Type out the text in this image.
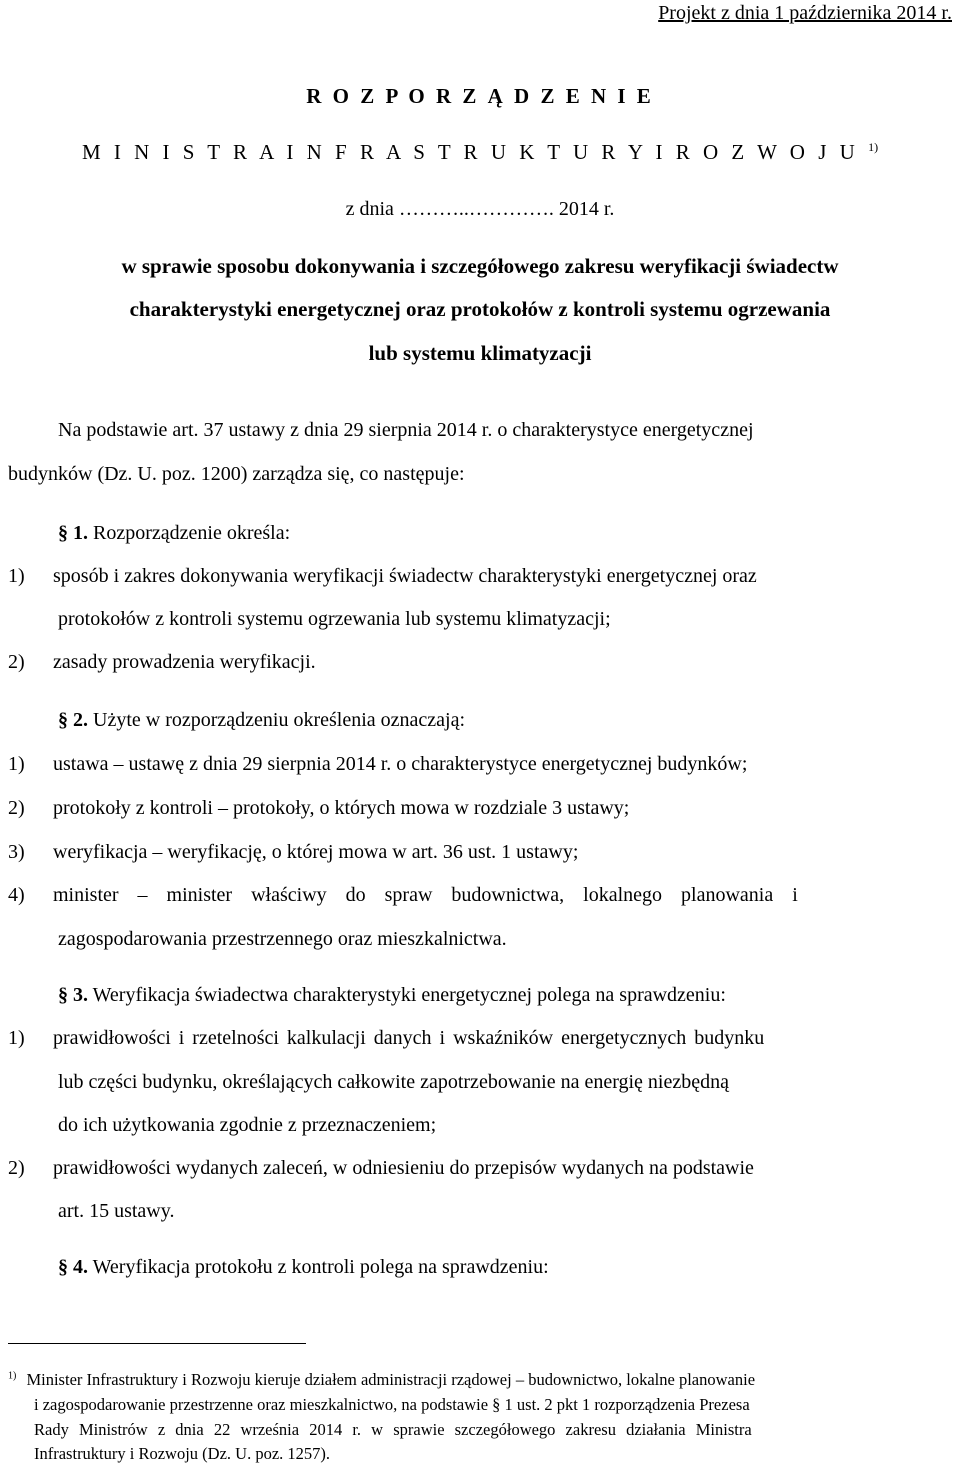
Projekt z dnia 1 października 2014 r.
R O Z P O R Z Ą D Z E N I E
M I N I S T R A I N F R A S T R U K T U R Y I R O Z W O J U $^{1)}$
z dnia ………..…………. 2014 r.
w sprawie sposobu dokonywania i szczegółowego zakresu weryfikacji świadectw
charakterystyki energetycznej oraz protokołów z kontroli systemu ogrzewania
lub systemu klimatyzacji
Na podstawie art. 37 ustawy z dnia 29 sierpnia 2014 r. o charakterystyce energetycznej
budynków (Dz. U. poz. 1200) zarządza się, co następuje:
§ 1. Rozporządzenie określa:
1) sposób i zakres dokonywania weryfikacji świadectw charakterystyki energetycznej oraz
protokołów z kontroli systemu ogrzewania lub systemu klimatyzacji;
2) zasady prowadzenia weryfikacji.
§ 2. Użyte w rozporządzeniu określenia oznaczają:
1) ustawa – ustawę z dnia 29 sierpnia 2014 r. o charakterystyce energetycznej budynków;
2) protokoły z kontroli – protokoły, o których mowa w rozdziale 3 ustawy;
3) weryfikacja – weryfikację, o której mowa w art. 36 ust. 1 ustawy;
4) minister – minister właściwy do spraw budownictwa, lokalnego planowania i
zagospodarowania przestrzennego oraz mieszkalnictwa.
§ 3. Weryfikacja świadectwa charakterystyki energetycznej polega na sprawdzeniu:
1) prawidłowości i rzetelności kalkulacji danych i wskaźników energetycznych budynku
lub części budynku, określających całkowite zapotrzebowanie na energię niezbędną
do ich użytkowania zgodnie z przeznaczeniem;
2) prawidłowości wydanych zaleceń, w odniesieniu do przepisów wydanych na podstawie
art. 15 ustawy.
§ 4. Weryfikacja protokołu z kontroli polega na sprawdzeniu:
$^{1)}$ Minister Infrastruktury i Rozwoju kieruje działem administracji rządowej – budownictwo, lokalne planowanie
i zagospodarowanie przestrzenne oraz mieszkalnictwo, na podstawie § 1 ust. 2 pkt 1 rozporządzenia Prezesa
Rady Ministrów z dnia 22 września 2014 r. w sprawie szczegółowego zakresu działania Ministra
Infrastruktury i Rozwoju (Dz. U. poz. 1257).
